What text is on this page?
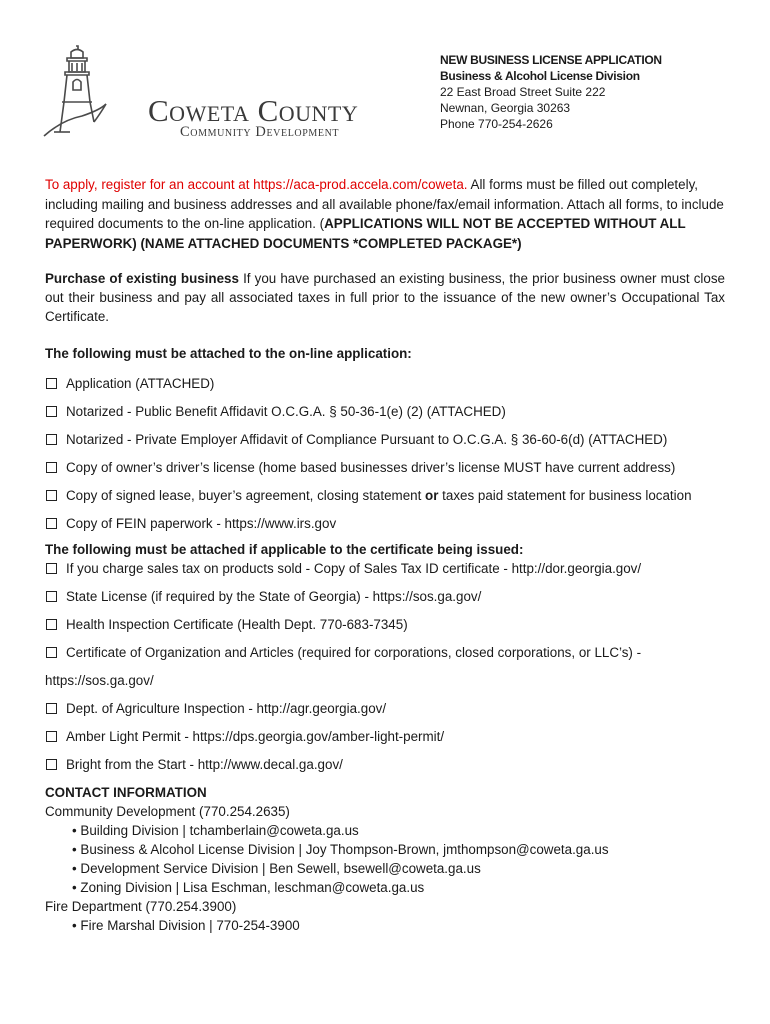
Coweta County
Community Development
NEW BUSINESS LICENSE APPLICATION
Business & Alcohol License Division
22 East Broad Street Suite 222
Newnan, Georgia 30263
Phone 770-254-2626

To apply, register for an account at https://aca-prod.accela.com/coweta. All forms must be filled out completely, including mailing and business addresses and all available phone/fax/email information. Attach all forms, to include required documents to the on-line application. (APPLICATIONS WILL NOT BE ACCEPTED WITHOUT ALL PAPERWORK) (NAME ATTACHED DOCUMENTS *COMPLETED PACKAGE*)

Purchase of existing business If you have purchased an existing business, the prior business owner must close out their business and pay all associated taxes in full prior to the issuance of the new owner’s Occupational Tax Certificate.

The following must be attached to the on-line application:
Application (ATTACHED)
Notarized - Public Benefit Affidavit O.C.G.A. § 50-36-1(e) (2) (ATTACHED)
Notarized - Private Employer Affidavit of Compliance Pursuant to O.C.G.A. § 36-60-6(d) (ATTACHED)
Copy of owner’s driver’s license (home based businesses driver’s license MUST have current address)
Copy of signed lease, buyer’s agreement, closing statement or taxes paid statement for business location
Copy of FEIN paperwork - https://www.irs.gov
The following must be attached if applicable to the certificate being issued:
If you charge sales tax on products sold - Copy of Sales Tax ID certificate - http://dor.georgia.gov/
State License (if required by the State of Georgia) - https://sos.ga.gov/
Health Inspection Certificate (Health Dept. 770-683-7345)
Certificate of Organization and Articles (required for corporations, closed corporations, or LLC’s) -
https://sos.ga.gov/
Dept. of Agriculture Inspection - http://agr.georgia.gov/
Amber Light Permit - https://dps.georgia.gov/amber-light-permit/
Bright from the Start - http://www.decal.ga.gov/
CONTACT INFORMATION
Community Development (770.254.2635)
• Building Division | tchamberlain@coweta.ga.us
• Business & Alcohol License Division | Joy Thompson-Brown, jmthompson@coweta.ga.us
• Development Service Division | Ben Sewell, bsewell@coweta.ga.us
• Zoning Division | Lisa Eschman, leschman@coweta.ga.us
Fire Department (770.254.3900)
• Fire Marshal Division | 770-254-3900
